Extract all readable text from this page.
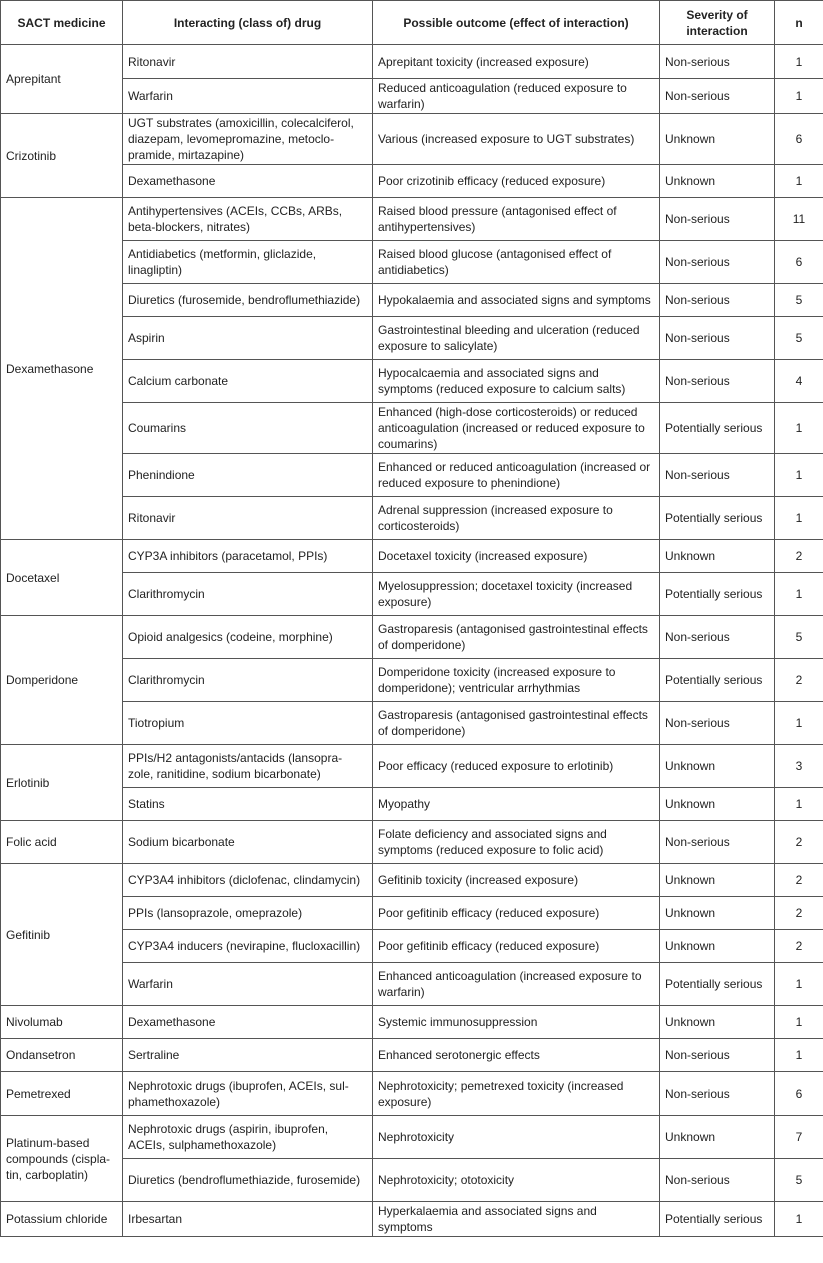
SACT medicine	Interacting (class of) drug	Possible outcome (effect of interaction)	Severity of interaction	n
Aprepitant	Ritonavir	Aprepitant toxicity (increased exposure)	Non-serious	1
	Warfarin	Reduced anticoagulation (reduced exposure to warfarin)	Non-serious	1
Crizotinib	UGT substrates (amoxicillin, colecalciferol, diazepam, levomepromazine, metoclo-pramide, mirtazapine)	Various (increased exposure to UGT substrates)	Unknown	6
	Dexamethasone	Poor crizotinib efficacy (reduced exposure)	Unknown	1
Dexamethasone	Antihypertensives (ACEIs, CCBs, ARBs, beta-blockers, nitrates)	Raised blood pressure (antagonised effect of antihypertensives)	Non-serious	11
	Antidiabetics (metformin, gliclazide, linagliptin)	Raised blood glucose (antagonised effect of antidiabetics)	Non-serious	6
	Diuretics (furosemide, bendroflumethiazide)	Hypokalaemia and associated signs and symptoms	Non-serious	5
	Aspirin	Gastrointestinal bleeding and ulceration (reduced exposure to salicylate)	Non-serious	5
	Calcium carbonate	Hypocalcaemia and associated signs and symptoms (reduced exposure to calcium salts)	Non-serious	4
	Coumarins	Enhanced (high-dose corticosteroids) or reduced anticoagulation (increased or reduced exposure to coumarins)	Potentially serious	1
	Phenindione	Enhanced or reduced anticoagulation (increased or reduced exposure to phenindione)	Non-serious	1
	Ritonavir	Adrenal suppression (increased exposure to corticosteroids)	Potentially serious	1
Docetaxel	CYP3A inhibitors (paracetamol, PPIs)	Docetaxel toxicity (increased exposure)	Unknown	2
	Clarithromycin	Myelosuppression; docetaxel toxicity (increased exposure)	Potentially serious	1
Domperidone	Opioid analgesics (codeine, morphine)	Gastroparesis (antagonised gastrointestinal effects of domperidone)	Non-serious	5
	Clarithromycin	Domperidone toxicity (increased exposure to domperidone); ventricular arrhythmias	Potentially serious	2
	Tiotropium	Gastroparesis (antagonised gastrointestinal effects of domperidone)	Non-serious	1
Erlotinib	PPIs/H2 antagonists/antacids (lansopra-zole, ranitidine, sodium bicarbonate)	Poor efficacy (reduced exposure to erlotinib)	Unknown	3
	Statins	Myopathy	Unknown	1
Folic acid	Sodium bicarbonate	Folate deficiency and associated signs and symptoms (reduced exposure to folic acid)	Non-serious	2
Gefitinib	CYP3A4 inhibitors (diclofenac, clindamycin)	Gefitinib toxicity (increased exposure)	Unknown	2
	PPIs (lansoprazole, omeprazole)	Poor gefitinib efficacy (reduced exposure)	Unknown	2
	CYP3A4 inducers (nevirapine, flucloxacillin)	Poor gefitinib efficacy (reduced exposure)	Unknown	2
	Warfarin	Enhanced anticoagulation (increased exposure to warfarin)	Potentially serious	1
Nivolumab	Dexamethasone	Systemic immunosuppression	Unknown	1
Ondansetron	Sertraline	Enhanced serotonergic effects	Non-serious	1
Pemetrexed	Nephrotoxic drugs (ibuprofen, ACEIs, sul-phamethoxazole)	Nephrotoxicity; pemetrexed toxicity (increased exposure)	Non-serious	6
Platinum-based compounds (cispla-tin, carboplatin)	Nephrotoxic drugs (aspirin, ibuprofen, ACEIs, sulphamethoxazole)	Nephrotoxicity	Unknown	7
	Diuretics (bendroflumethiazide, furosemide)	Nephrotoxicity; ototoxicity	Non-serious	5
Potassium chloride	Irbesartan	Hyperkalaemia and associated signs and symptoms	Potentially serious	1
